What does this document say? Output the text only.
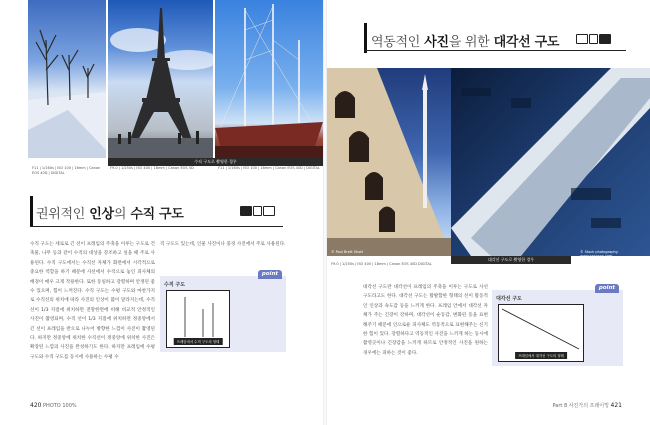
수직 구도로 촬영한 경우
F11 | 1/160s | ISO 100 | 16mm | Canon EOS 40D | DIGITAL
F9.0 | 1/250s | ISO 400 | 18mm | Canon EOS 5D	F11 | 1/160s | ISO 100 | 16mm | Canon EOS 40D | DIGITAL
권위적인 인상의 수직 구도
수직 구도는 세로로 긴 선이 프레임의 주축을 이루는 구도로 건축물, 나무 등과 같이 수직의 대상을 강조하고 싶을 때 주로 사용된다. 수직 구도에서는 수직선 자체가 화면에서 시각적으로 중요한 역할을 하기 때문에 사선에서 수직으로 놓인 피사체의 배경이 매우 크게 작용한다. 또한 동일하고 강렬하며 안정된 좋 수 있으며, 힘이 느껴진다. 수직 구도는 수평 구도와 마찬가지로 수직선의 위치에 따라 사진의 인상이 많이 달라지는데, 수직선이 1/3 지점에 위치하면 전망한면에 비해 비교적 안정적인 사진이 촬영되며, 수직 선이 1/3 지점에 위치하면 정중앙에서 긴 선이 프레임을 반으로 나누어 방향한 느낌이 사진이 촬영된다. 하지만 정중앙에 위치한 수직선이 정중앙에 위치한 사진은 확장된 느낌의 사진을 완성하기도 한다. 하지만 프레임에 수평 구도와 수직 구도를 동시에 사용하는 수평 수
직 구도도 있는데, 인물 사진이나 풍경 사진에서 주로 사용된다.
point
수직 구도
프레임에서 수직 구도의 형태
420 PHOTO 100%
역동적인 사진을 위한 대각선 구도
© Paul Brett Shott	© Stock photography. www.xxxxxxx.com
대각선 구도로 촬영한 경우
F9.0 | 1/250s | ISO 400 | 18mm | Canon EOS 40D DIGITAL
대각선 구도란 대각선이 프레임의 주축을 이루는 구도로 사선 구도라고도 한다. 대각선 구도는 활발함한 형태의 선이 활동적인 인상과 속도감 등을 느끼게 한다. 프레임 안에서 대각선 자체가 주는 긴장이 강하며, 대각선이 순동감, 변화된 동을 표현해주기 때문에 인으로운 피사체도 역동적으로 표현해주는 신기한 힘이 있다. 강렬하다고 역동적인 사진을 느끼게 하는 동시에 촬영곳이나 긴장감을 느끼게 하므로 안정적인 사진을 원하는 경우에는 피하는 것이 좋다.
point
대각선 구도
프레임에서 대각선 구도의 형태
Part 8 사진가의 프레이밍 421
